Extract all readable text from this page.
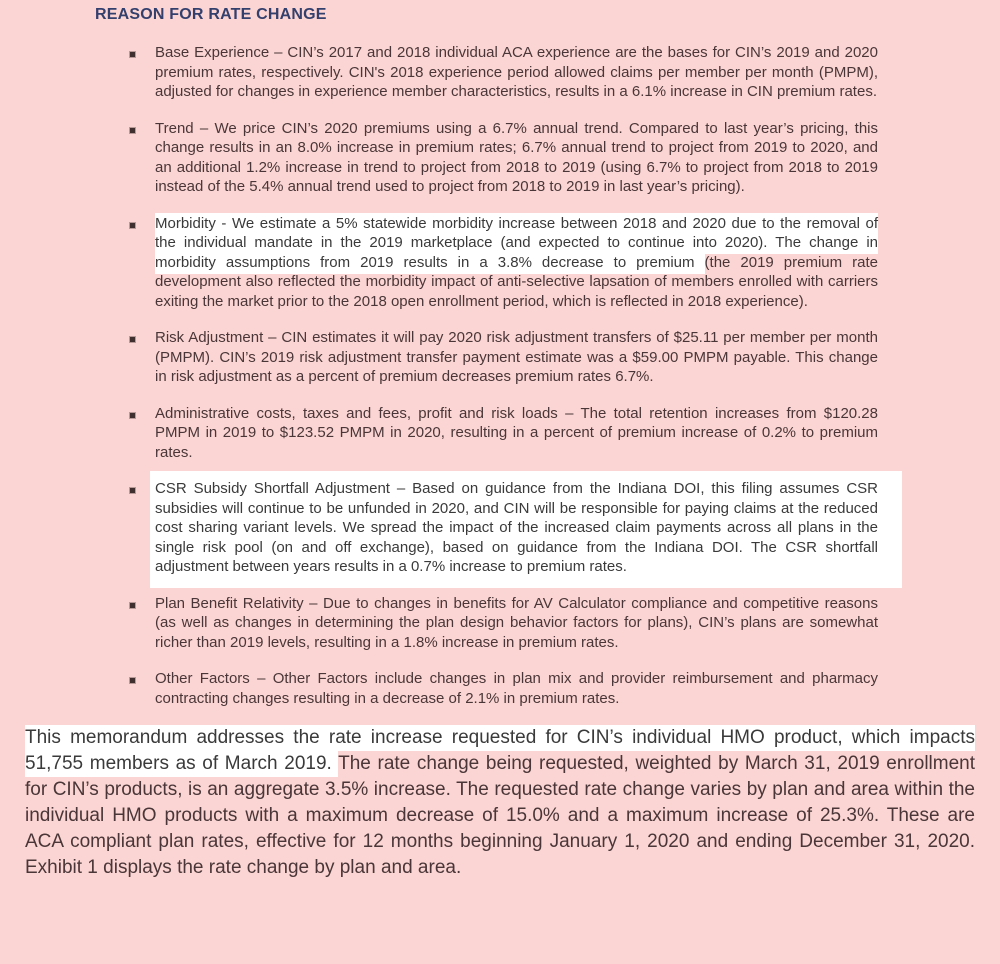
REASON FOR RATE CHANGE
Base Experience – CIN’s 2017 and 2018 individual ACA experience are the bases for CIN’s 2019 and 2020 premium rates, respectively. CIN's 2018 experience period allowed claims per member per month (PMPM), adjusted for changes in experience member characteristics, results in a 6.1% increase in CIN premium rates.
Trend – We price CIN’s 2020 premiums using a 6.7% annual trend. Compared to last year’s pricing, this change results in an 8.0% increase in premium rates; 6.7% annual trend to project from 2019 to 2020, and an additional 1.2% increase in trend to project from 2018 to 2019 (using 6.7% to project from 2018 to 2019 instead of the 5.4% annual trend used to project from 2018 to 2019 in last year’s pricing).
Morbidity - We estimate a 5% statewide morbidity increase between 2018 and 2020 due to the removal of the individual mandate in the 2019 marketplace (and expected to continue into 2020). The change in morbidity assumptions from 2019 results in a 3.8% decrease to premium (the 2019 premium rate development also reflected the morbidity impact of anti-selective lapsation of members enrolled with carriers exiting the market prior to the 2018 open enrollment period, which is reflected in 2018 experience).
Risk Adjustment – CIN estimates it will pay 2020 risk adjustment transfers of $25.11 per member per month (PMPM). CIN’s 2019 risk adjustment transfer payment estimate was a $59.00 PMPM payable. This change in risk adjustment as a percent of premium decreases premium rates 6.7%.
Administrative costs, taxes and fees, profit and risk loads – The total retention increases from $120.28 PMPM in 2019 to $123.52 PMPM in 2020, resulting in a percent of premium increase of 0.2% to premium rates.
CSR Subsidy Shortfall Adjustment – Based on guidance from the Indiana DOI, this filing assumes CSR subsidies will continue to be unfunded in 2020, and CIN will be responsible for paying claims at the reduced cost sharing variant levels. We spread the impact of the increased claim payments across all plans in the single risk pool (on and off exchange), based on guidance from the Indiana DOI. The CSR shortfall adjustment between years results in a 0.7% increase to premium rates.
Plan Benefit Relativity – Due to changes in benefits for AV Calculator compliance and competitive reasons (as well as changes in determining the plan design behavior factors for plans), CIN’s plans are somewhat richer than 2019 levels, resulting in a 1.8% increase in premium rates.
Other Factors – Other Factors include changes in plan mix and provider reimbursement and pharmacy contracting changes resulting in a decrease of 2.1% in premium rates.
This memorandum addresses the rate increase requested for CIN’s individual HMO product, which impacts 51,755 members as of March 2019. The rate change being requested, weighted by March 31, 2019 enrollment for CIN’s products, is an aggregate 3.5% increase. The requested rate change varies by plan and area within the individual HMO products with a maximum decrease of 15.0% and a maximum increase of 25.3%. These are ACA compliant plan rates, effective for 12 months beginning January 1, 2020 and ending December 31, 2020. Exhibit 1 displays the rate change by plan and area.
